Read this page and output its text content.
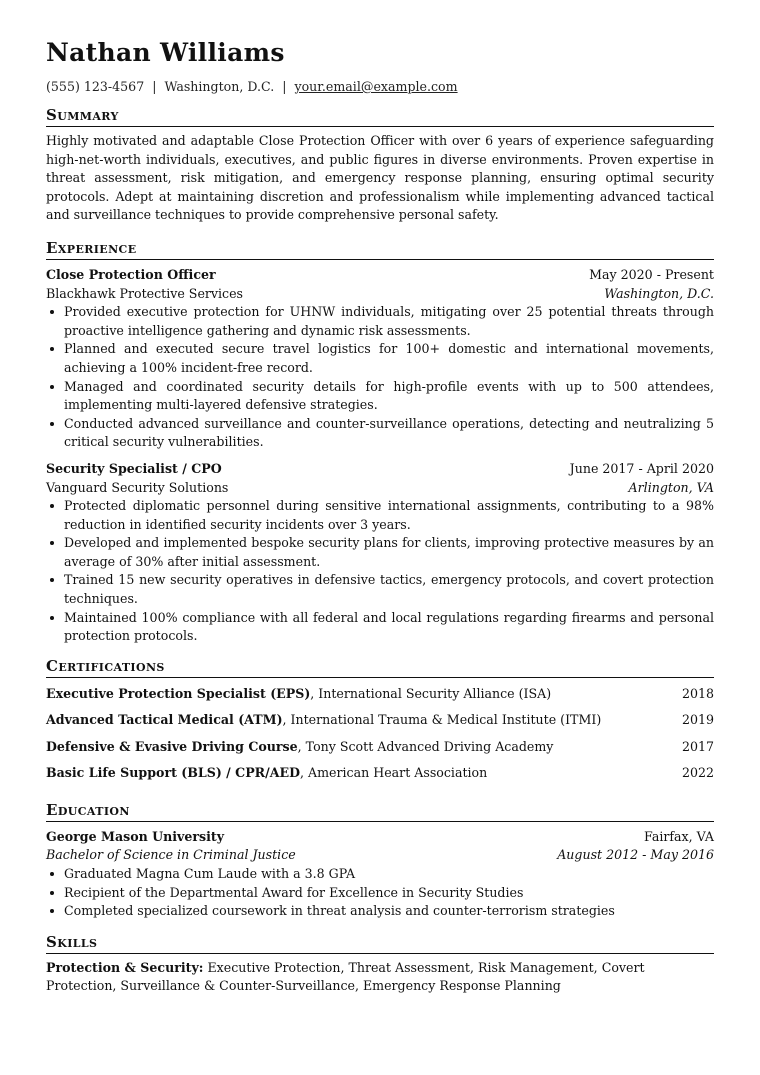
Nathan Williams
(555) 123-4567 | Washington, D.C. | your.email@example.com
Summary
Highly motivated and adaptable Close Protection Officer with over 6 years of experience safeguarding high-net-worth individuals, executives, and public figures in diverse environments. Proven expertise in threat assessment, risk mitigation, and emergency response planning, ensuring optimal security protocols. Adept at maintaining discretion and professionalism while implementing advanced tactical and surveillance techniques to provide comprehensive personal safety.
Experience
Close Protection Officer	May 2020 - Present
Blackhawk Protective Services	Washington, D.C.
Provided executive protection for UHNW individuals, mitigating over 25 potential threats through proactive intelligence gathering and dynamic risk assessments.
Planned and executed secure travel logistics for 100+ domestic and international movements, achieving a 100% incident-free record.
Managed and coordinated security details for high-profile events with up to 500 attendees, implementing multi-layered defensive strategies.
Conducted advanced surveillance and counter-surveillance operations, detecting and neutralizing 5 critical security vulnerabilities.
Security Specialist / CPO	June 2017 - April 2020
Vanguard Security Solutions	Arlington, VA
Protected diplomatic personnel during sensitive international assignments, contributing to a 98% reduction in identified security incidents over 3 years.
Developed and implemented bespoke security plans for clients, improving protective measures by an average of 30% after initial assessment.
Trained 15 new security operatives in defensive tactics, emergency protocols, and covert protection techniques.
Maintained 100% compliance with all federal and local regulations regarding firearms and personal protection protocols.
Certifications
Executive Protection Specialist (EPS), International Security Alliance (ISA)	2018
Advanced Tactical Medical (ATM), International Trauma & Medical Institute (ITMI)	2019
Defensive & Evasive Driving Course, Tony Scott Advanced Driving Academy	2017
Basic Life Support (BLS) / CPR/AED, American Heart Association	2022
Education
George Mason University	Fairfax, VA
Bachelor of Science in Criminal Justice	August 2012 - May 2016
Graduated Magna Cum Laude with a 3.8 GPA
Recipient of the Departmental Award for Excellence in Security Studies
Completed specialized coursework in threat analysis and counter-terrorism strategies
Skills
Protection & Security: Executive Protection, Threat Assessment, Risk Management, Covert Protection, Surveillance & Counter-Surveillance, Emergency Response Planning
